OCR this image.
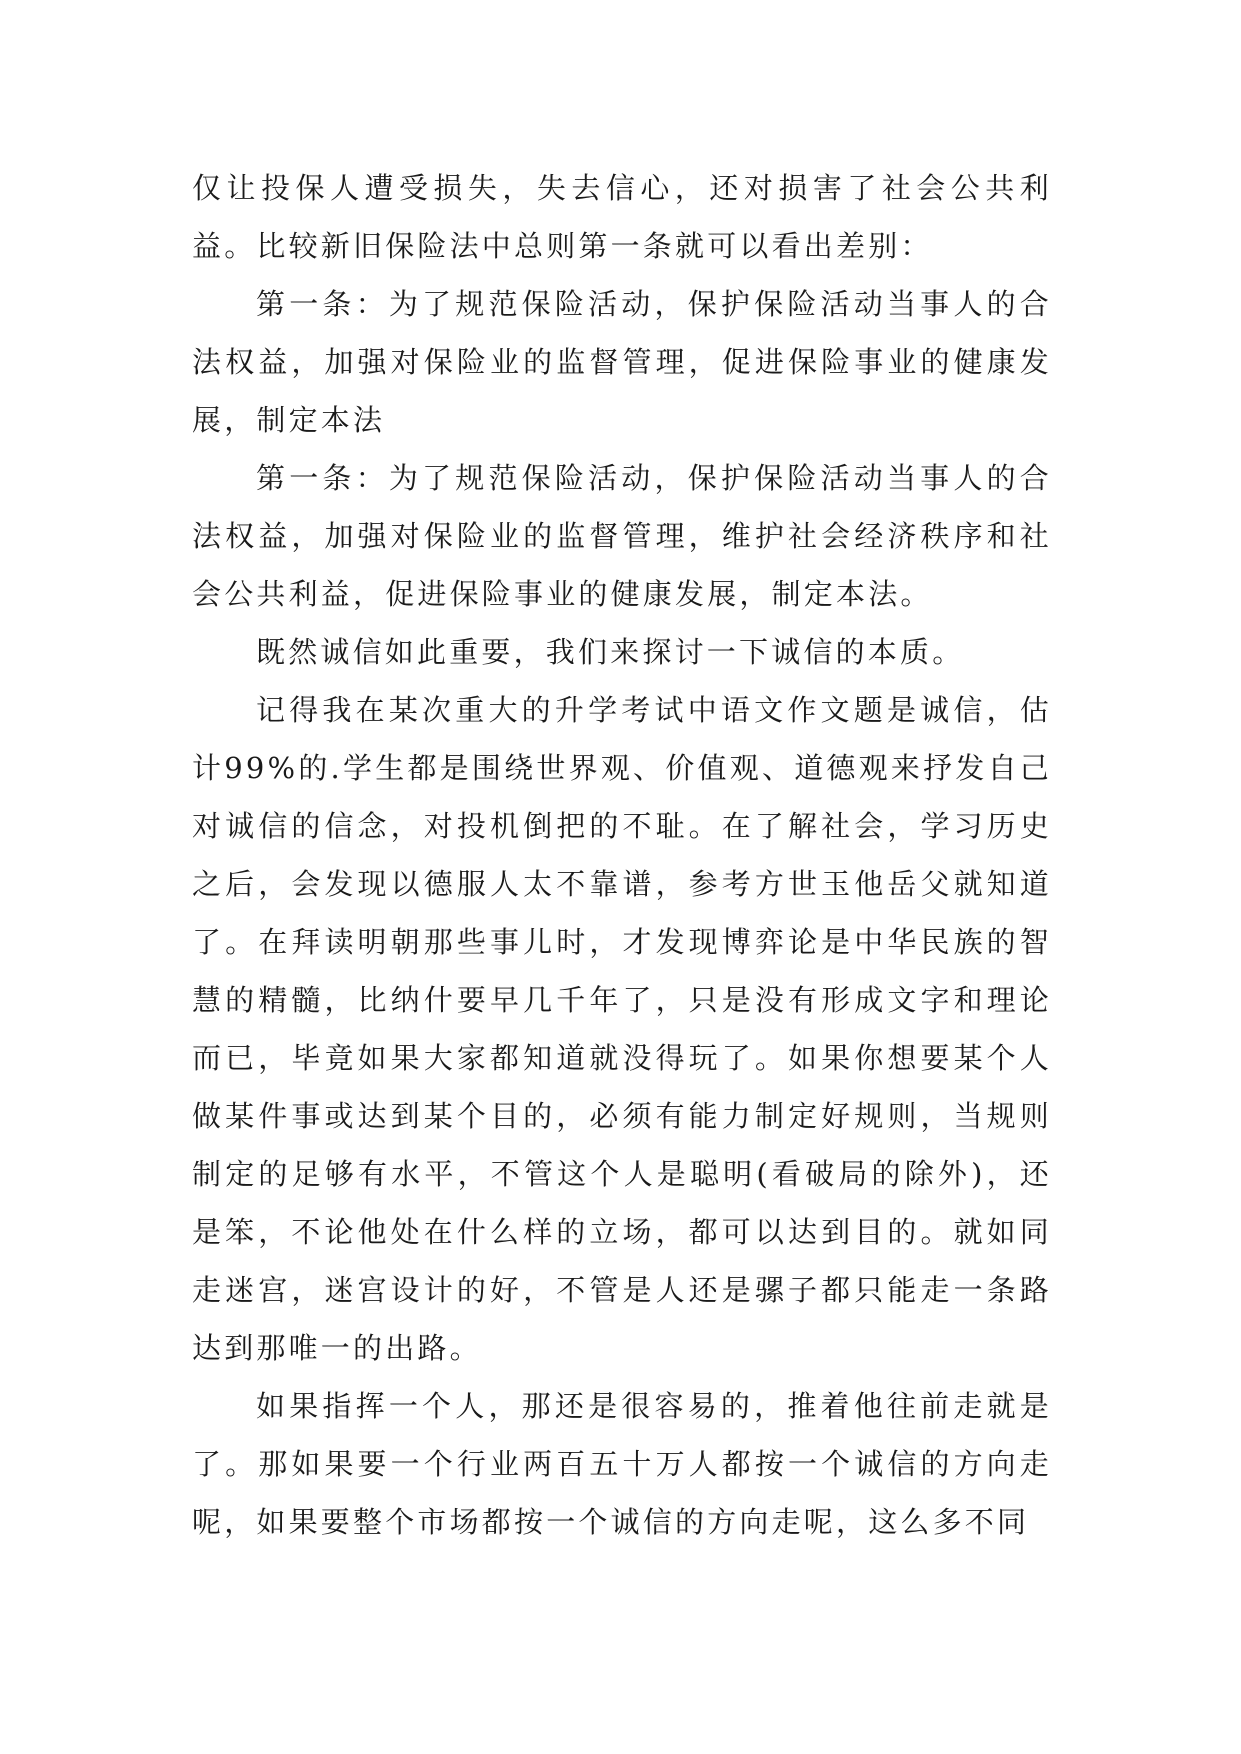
仅让投保人遭受损失，失去信心，还对损害了社会公共利益。比较新旧保险法中总则第一条就可以看出差别：

第一条：为了规范保险活动，保护保险活动当事人的合法权益，加强对保险业的监督管理，促进保险事业的健康发展，制定本法

第一条：为了规范保险活动，保护保险活动当事人的合法权益，加强对保险业的监督管理，维护社会经济秩序和社会公共利益，促进保险事业的健康发展，制定本法。

既然诚信如此重要，我们来探讨一下诚信的本质。

记得我在某次重大的升学考试中语文作文题是诚信，估计99%的.学生都是围绕世界观、价值观、道德观来抒发自己对诚信的信念，对投机倒把的不耻。在了解社会，学习历史之后，会发现以德服人太不靠谱，参考方世玉他岳父就知道了。在拜读明朝那些事儿时，才发现博弈论是中华民族的智慧的精髓，比纳什要早几千年了，只是没有形成文字和理论而已，毕竟如果大家都知道就没得玩了。如果你想要某个人做某件事或达到某个目的，必须有能力制定好规则，当规则制定的足够有水平，不管这个人是聪明(看破局的除外)，还是笨，不论他处在什么样的立场，都可以达到目的。就如同走迷宫，迷宫设计的好，不管是人还是骡子都只能走一条路达到那唯一的出路。

如果指挥一个人，那还是很容易的，推着他往前走就是了。那如果要一个行业两百五十万人都按一个诚信的方向走呢，如果要整个市场都按一个诚信的方向走呢，这么多不同
